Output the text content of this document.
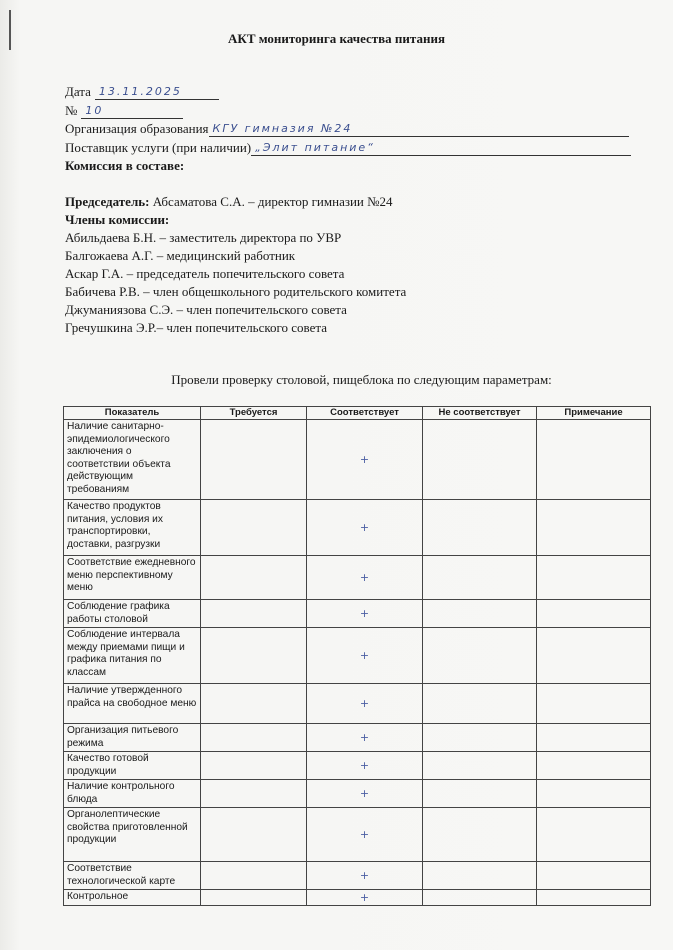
АКТ мониторинга качества питания
Дата 13.11.2025
№ 10
Организация образования КГУ гимназия №24
Поставщик услуги (при наличии) „Элит питание“
Комиссия в составе:
Председатель: Абсаматова С.А. – директор гимназии №24
Члены комиссии:
Абильдаева Б.Н. – заместитель директора по УВР
Балгожаева А.Г. – медицинский работник
Аскар Г.А. – председатель попечительского совета
Бабичева Р.В. – член общешкольного родительского комитета
Джуманиязова С.Э. – член попечительского совета
Гречушкина Э.Р.– член попечительского совета
Провели проверку столовой, пищеблока по следующим параметрам:
Показатель	Требуется	Соответствует	Не соответствует	Примечание
Наличие санитарно-эпидемиологического заключения о соответствии объекта действующим требованиям		+		
Качество продуктов питания, условия их транспортировки, доставки, разгрузки		+		
Соответствие ежедневного меню перспективному меню		+		
Соблюдение графика работы столовой		+		
Соблюдение интервала между приемами пищи и графика питания по классам		+		
Наличие утвержденного прайса на свободное меню		+		
Организация питьевого режима		+		
Качество готовой продукции		+		
Наличие контрольного блюда		+		
Органолептические свойства приготовленной продукции		+		
Соответствие технологической карте		+		
Контрольное		+		
